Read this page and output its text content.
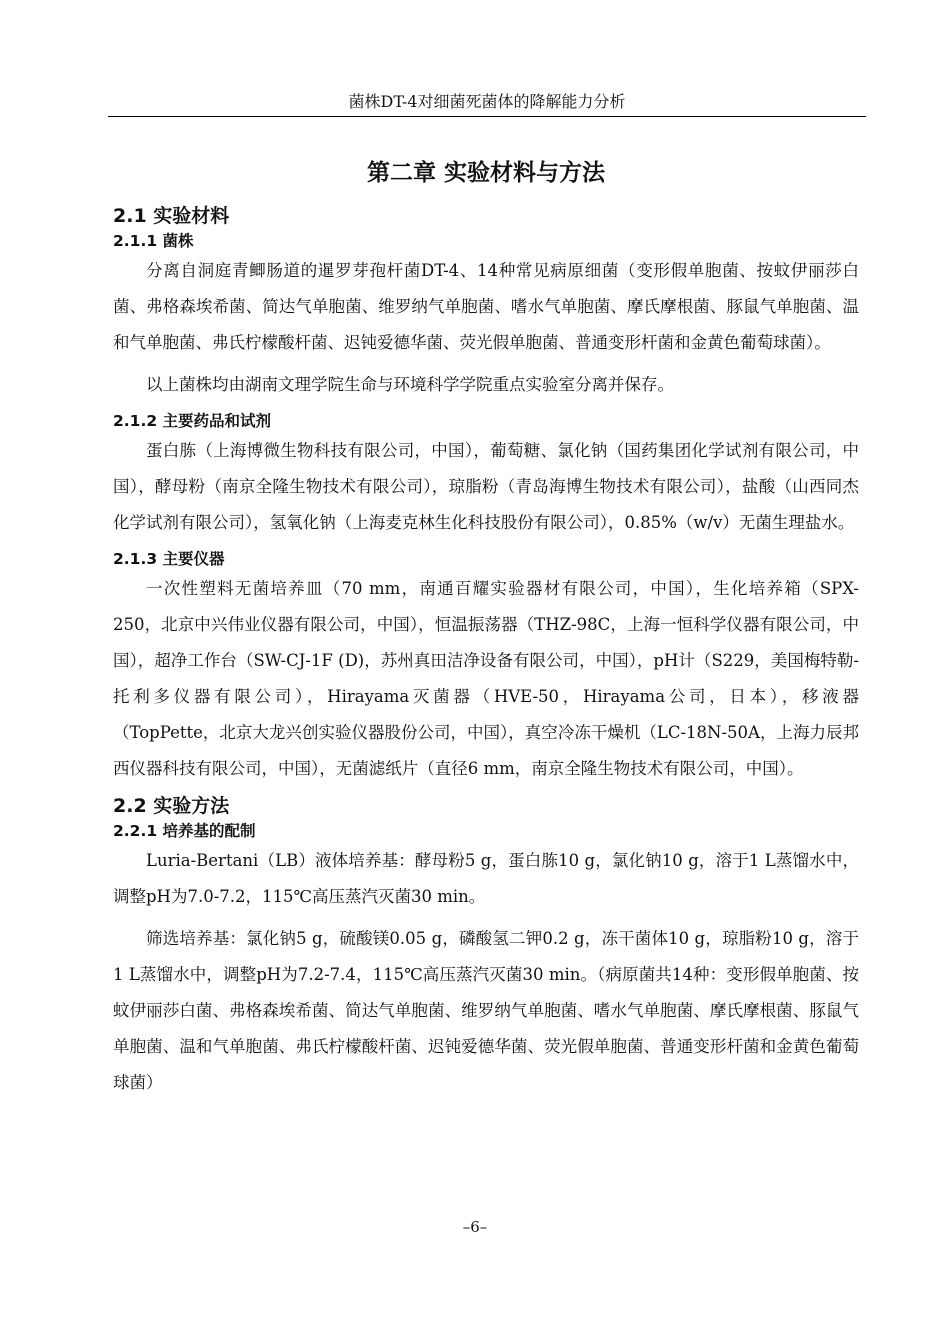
菌株DT-4对细菌死菌体的降解能力分析
第二章 实验材料与方法
2.1 实验材料
2.1.1 菌株

分离自洞庭青鲫肠道的暹罗芽孢杆菌DT-4、14种常见病原细菌（变形假单胞菌、按蚊伊丽莎白菌、弗格森埃希菌、简达气单胞菌、维罗纳气单胞菌、嗜水气单胞菌、摩氏摩根菌、豚鼠气单胞菌、温和气单胞菌、弗氏柠檬酸杆菌、迟钝爱德华菌、荧光假单胞菌、普通变形杆菌和金黄色葡萄球菌）。

以上菌株均由湖南文理学院生命与环境科学学院重点实验室分离并保存。

2.1.2 主要药品和试剂

蛋白胨（上海博微生物科技有限公司，中国），葡萄糖、氯化钠（国药集团化学试剂有限公司，中国），酵母粉（南京全隆生物技术有限公司），琼脂粉（青岛海博生物技术有限公司），盐酸（山西同杰化学试剂有限公司），氢氧化钠（上海麦克林生化科技股份有限公司），0.85%（w/v）无菌生理盐水。

2.1.3 主要仪器

一次性塑料无菌培养皿（70 mm，南通百耀实验器材有限公司，中国），生化培养箱（SPX-250，北京中兴伟业仪器有限公司，中国），恒温振荡器（THZ-98C，上海一恒科学仪器有限公司，中国），超净工作台（SW-CJ-1F (D)，苏州真田洁净设备有限公司，中国），pH计（S229，美国梅特勒-托利多仪器有限公司），Hirayama灭菌器（HVE-50，Hirayama公司，日本），移液器（TopPette，北京大龙兴创实验仪器股份公司，中国），真空冷冻干燥机（LC-18N-50A，上海力辰邦西仪器科技有限公司，中国），无菌滤纸片（直径6 mm，南京全隆生物技术有限公司，中国）。

2.2 实验方法
2.2.1 培养基的配制

Luria-Bertani（LB）液体培养基：酵母粉5 g，蛋白胨10 g，氯化钠10 g，溶于1 L蒸馏水中，调整pH为7.0-7.2，115℃高压蒸汽灭菌30 min。

筛选培养基：氯化钠5 g，硫酸镁0.05 g，磷酸氢二钾0.2 g，冻干菌体10 g，琼脂粉10 g，溶于1 L蒸馏水中，调整pH为7.2-7.4，115℃高压蒸汽灭菌30 min。（病原菌共14种：变形假单胞菌、按蚊伊丽莎白菌、弗格森埃希菌、简达气单胞菌、维罗纳气单胞菌、嗜水气单胞菌、摩氏摩根菌、豚鼠气单胞菌、温和气单胞菌、弗氏柠檬酸杆菌、迟钝爱德华菌、荧光假单胞菌、普通变形杆菌和金黄色葡萄球菌）

–6–
